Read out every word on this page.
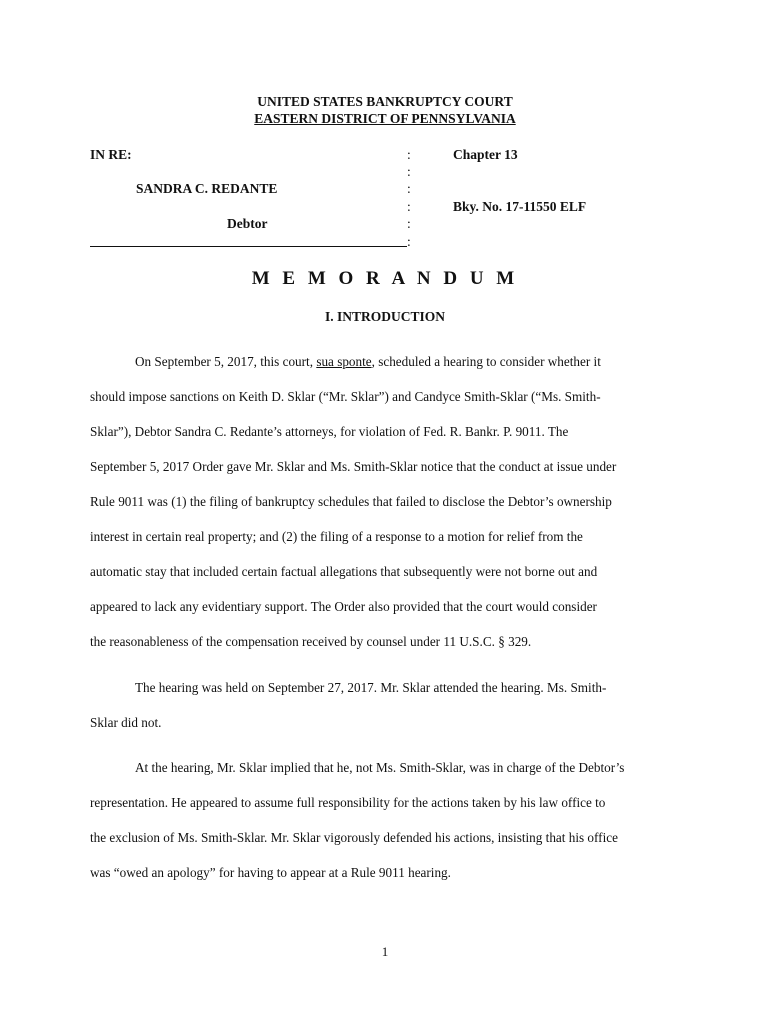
UNITED STATES BANKRUPTCY COURT
EASTERN DISTRICT OF PENNSYLVANIA
IN RE:
SANDRA C. REDANTE
Debtor
:
:
:
:
:
:
Chapter 13
Bky. No. 17-11550 ELF
M E M O R A N D U M
I. INTRODUCTION

On September 5, 2017, this court, sua sponte, scheduled a hearing to consider whether it
should impose sanctions on Keith D. Sklar (“Mr. Sklar”) and Candyce Smith-Sklar (“Ms. Smith-
Sklar”), Debtor Sandra C. Redante’s attorneys, for violation of Fed. R. Bankr. P. 9011. The
September 5, 2017 Order gave Mr. Sklar and Ms. Smith-Sklar notice that the conduct at issue under
Rule 9011 was (1) the filing of bankruptcy schedules that failed to disclose the Debtor’s ownership
interest in certain real property; and (2) the filing of a response to a motion for relief from the
automatic stay that included certain factual allegations that subsequently were not borne out and
appeared to lack any evidentiary support. The Order also provided that the court would consider
the reasonableness of the compensation received by counsel under 11 U.S.C. § 329.

The hearing was held on September 27, 2017. Mr. Sklar attended the hearing. Ms. Smith-
Sklar did not.

At the hearing, Mr. Sklar implied that he, not Ms. Smith-Sklar, was in charge of the Debtor’s
representation. He appeared to assume full responsibility for the actions taken by his law office to
the exclusion of Ms. Smith-Sklar. Mr. Sklar vigorously defended his actions, insisting that his office
was “owed an apology” for having to appear at a Rule 9011 hearing.

1
